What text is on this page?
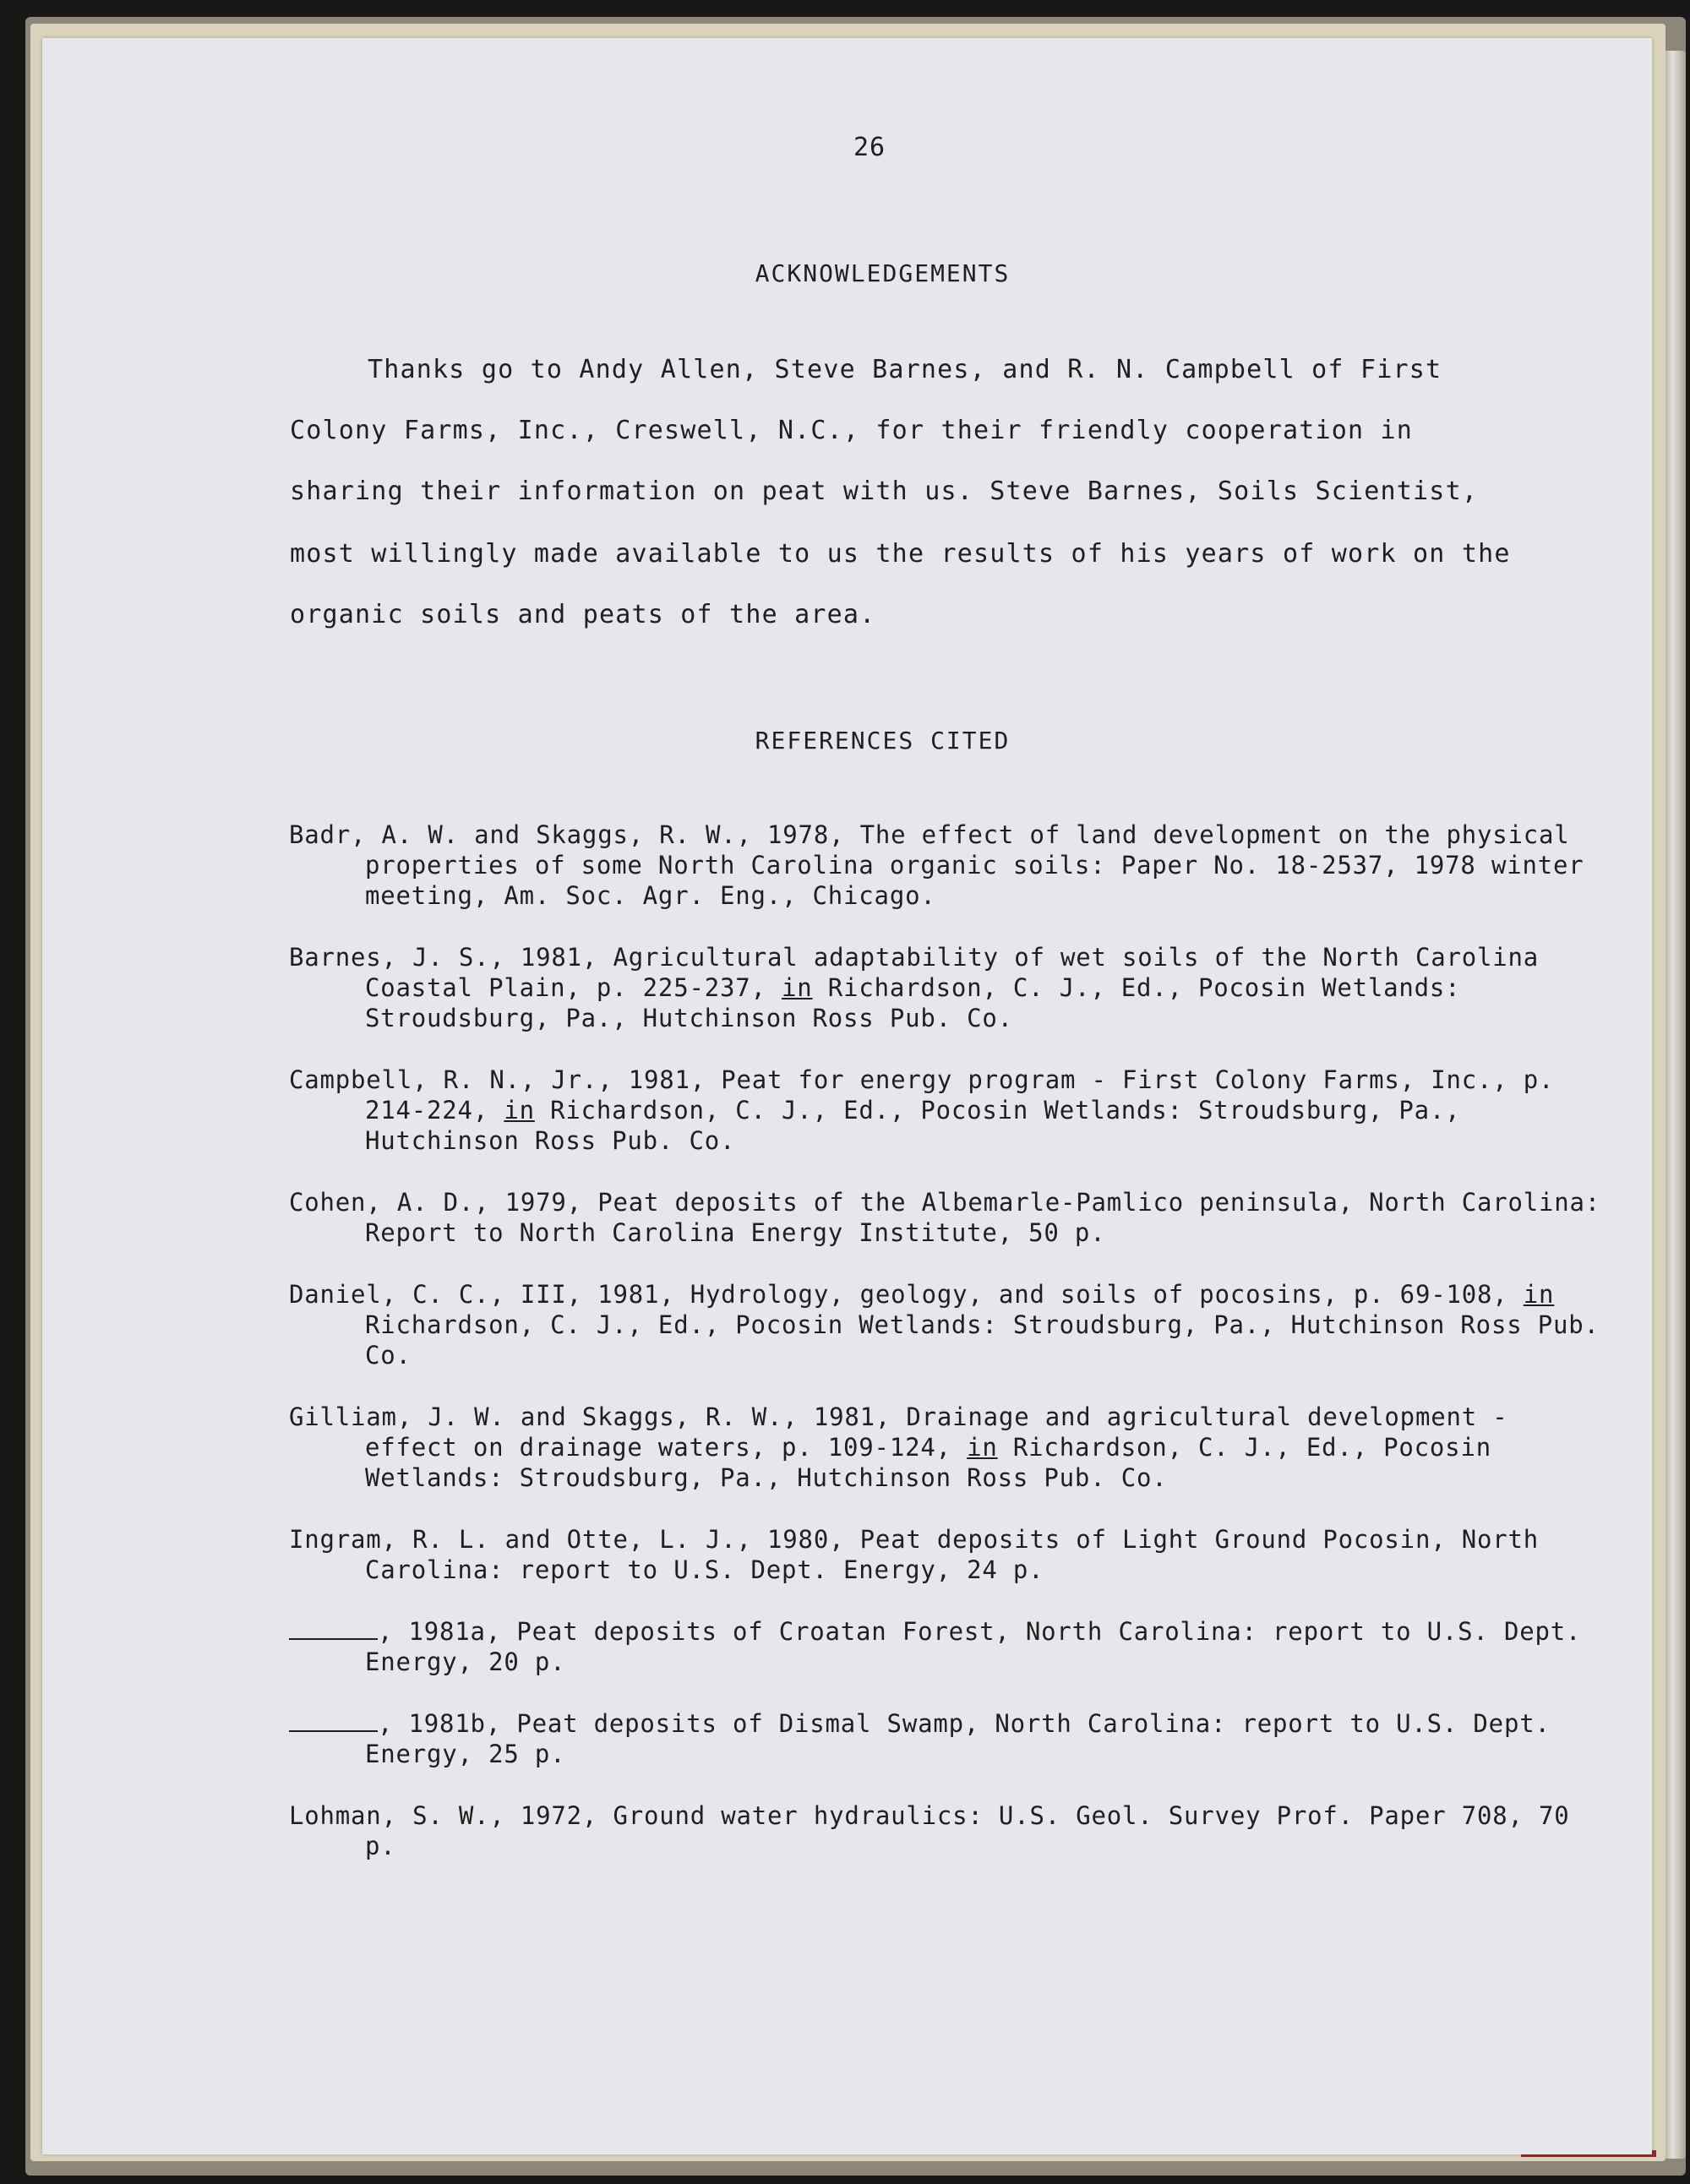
26
ACKNOWLEDGEMENTS
Thanks go to Andy Allen, Steve Barnes, and R. N. Campbell of First
Colony Farms, Inc., Creswell, N.C., for their friendly cooperation in
sharing their information on peat with us. Steve Barnes, Soils Scientist,
most willingly made available to us the results of his years of work on the
organic soils and peats of the area.
REFERENCES CITED
Badr, A. W. and Skaggs, R. W., 1978, The effect of land development on the physical properties of some North Carolina organic soils: Paper No. 18-2537, 1978 winter meeting, Am. Soc. Agr. Eng., Chicago.
Barnes, J. S., 1981, Agricultural adaptability of wet soils of the North Carolina Coastal Plain, p. 225-237, in Richardson, C. J., Ed., Pocosin Wetlands: Stroudsburg, Pa., Hutchinson Ross Pub. Co.
Campbell, R. N., Jr., 1981, Peat for energy program - First Colony Farms, Inc., p. 214-224, in Richardson, C. J., Ed., Pocosin Wetlands: Stroudsburg, Pa., Hutchinson Ross Pub. Co.
Cohen, A. D., 1979, Peat deposits of the Albemarle-Pamlico peninsula, North Carolina: Report to North Carolina Energy Institute, 50 p.
Daniel, C. C., III, 1981, Hydrology, geology, and soils of pocosins, p. 69-108, in Richardson, C. J., Ed., Pocosin Wetlands: Stroudsburg, Pa., Hutchinson Ross Pub. Co.
Gilliam, J. W. and Skaggs, R. W., 1981, Drainage and agricultural development - effect on drainage waters, p. 109-124, in Richardson, C. J., Ed., Pocosin Wetlands: Stroudsburg, Pa., Hutchinson Ross Pub. Co.
Ingram, R. L. and Otte, L. J., 1980, Peat deposits of Light Ground Pocosin, North Carolina: report to U.S. Dept. Energy, 24 p.
, 1981a, Peat deposits of Croatan Forest, North Carolina: report to U.S. Dept. Energy, 20 p.
, 1981b, Peat deposits of Dismal Swamp, North Carolina: report to U.S. Dept. Energy, 25 p.
Lohman, S. W., 1972, Ground water hydraulics: U.S. Geol. Survey Prof. Paper 708, 70 p.
